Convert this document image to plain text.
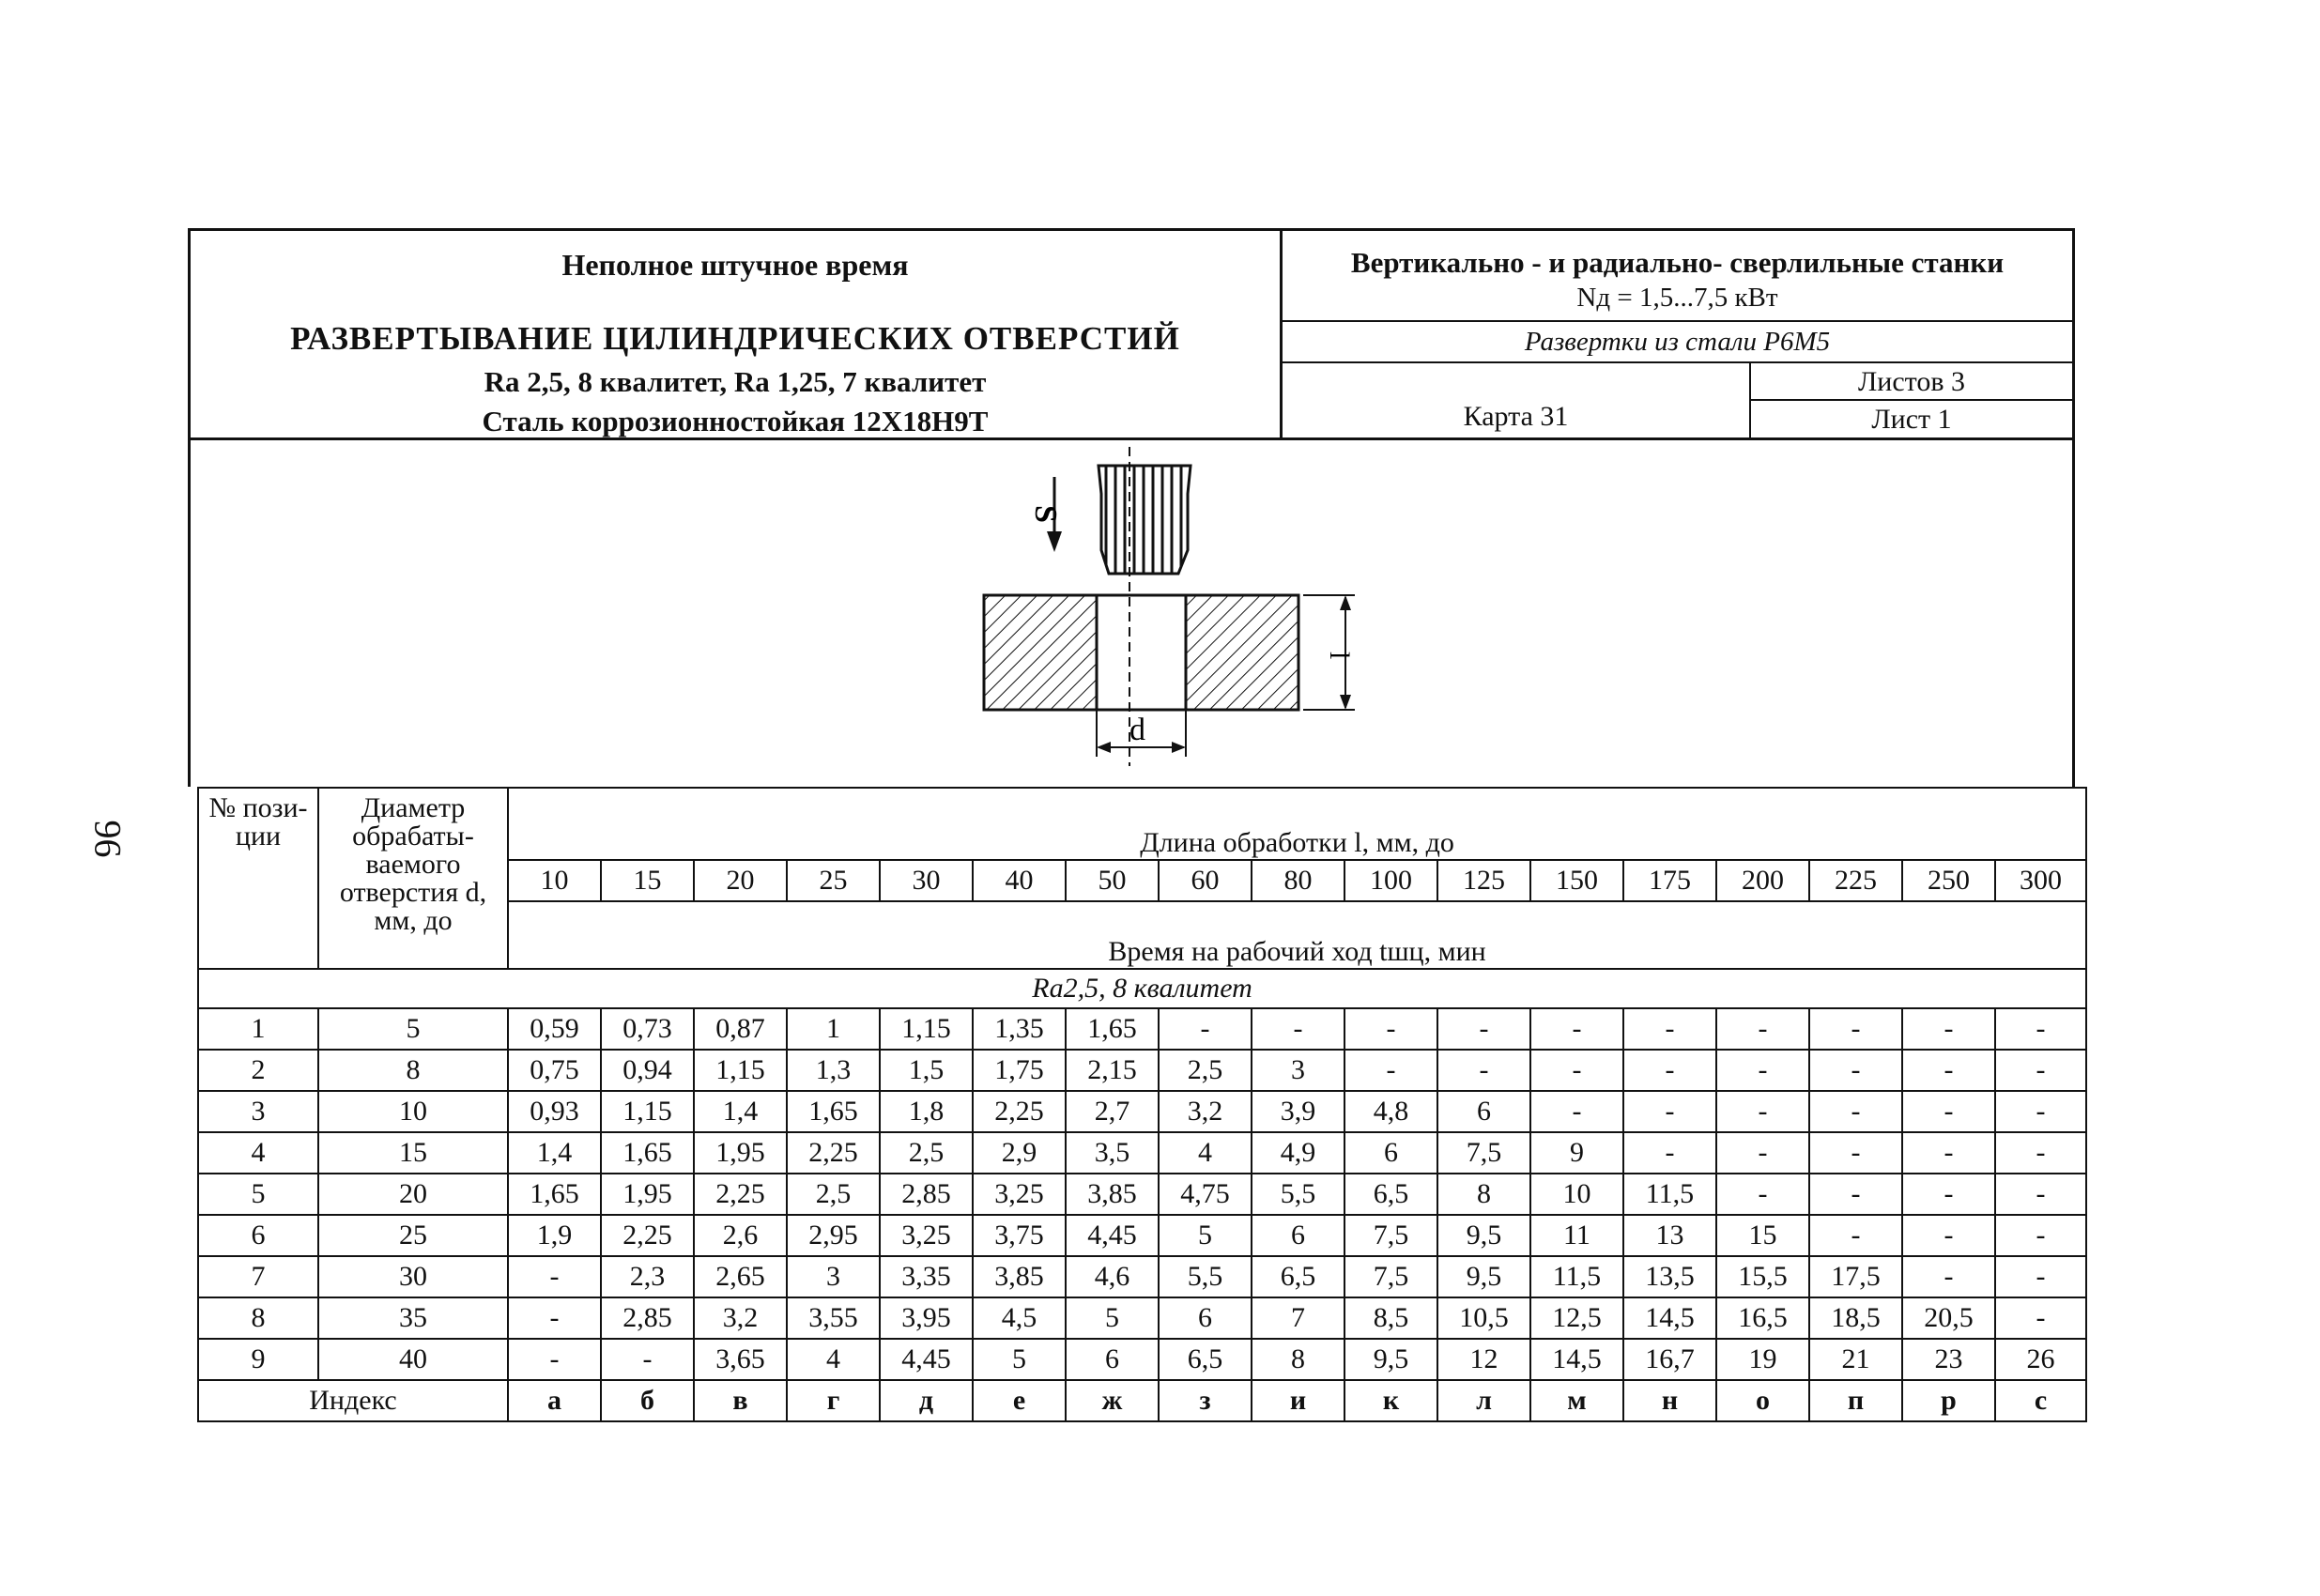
96
Неполное штучное время
РАЗВЕРТЫВАНИЕ ЦИЛИНДРИЧЕСКИХ ОТВЕРСТИЙ
Ra 2,5, 8 квалитет, Ra 1,25, 7 квалитет
Сталь коррозионностойкая 12Х18Н9Т
Вертикально - и радиально- сверлильные станки
Nд = 1,5...7,5 кВт
Развертки из стали Р6М5
Карта 31
Листов 3
Лист 1
S
l
d
№ пози- ции	Диаметр обрабаты- ваемого отверстия d, мм, до	Длина обработки l, мм, до																
		10	15	20	25	30	40	50	60	80	100	125	150	175	200	225	250	300
		Время на рабочий ход tшц, мин																
Ra2,5, 8 квалитет																		
1	5	0,59	0,73	0,87	1	1,15	1,35	1,65	-	-	-	-	-	-	-	-	-	-
2	8	0,75	0,94	1,15	1,3	1,5	1,75	2,15	2,5	3	-	-	-	-	-	-	-	-
3	10	0,93	1,15	1,4	1,65	1,8	2,25	2,7	3,2	3,9	4,8	6	-	-	-	-	-	-
4	15	1,4	1,65	1,95	2,25	2,5	2,9	3,5	4	4,9	6	7,5	9	-	-	-	-	-
5	20	1,65	1,95	2,25	2,5	2,85	3,25	3,85	4,75	5,5	6,5	8	10	11,5	-	-	-	-
6	25	1,9	2,25	2,6	2,95	3,25	3,75	4,45	5	6	7,5	9,5	11	13	15	-	-	-
7	30	-	2,3	2,65	3	3,35	3,85	4,6	5,5	6,5	7,5	9,5	11,5	13,5	15,5	17,5	-	-
8	35	-	2,85	3,2	3,55	3,95	4,5	5	6	7	8,5	10,5	12,5	14,5	16,5	18,5	20,5	-
9	40	-	-	3,65	4	4,45	5	6	6,5	8	9,5	12	14,5	16,7	19	21	23	26
Индекс		а	б	в	г	д	е	ж	з	и	к	л	м	н	о	п	р	с
